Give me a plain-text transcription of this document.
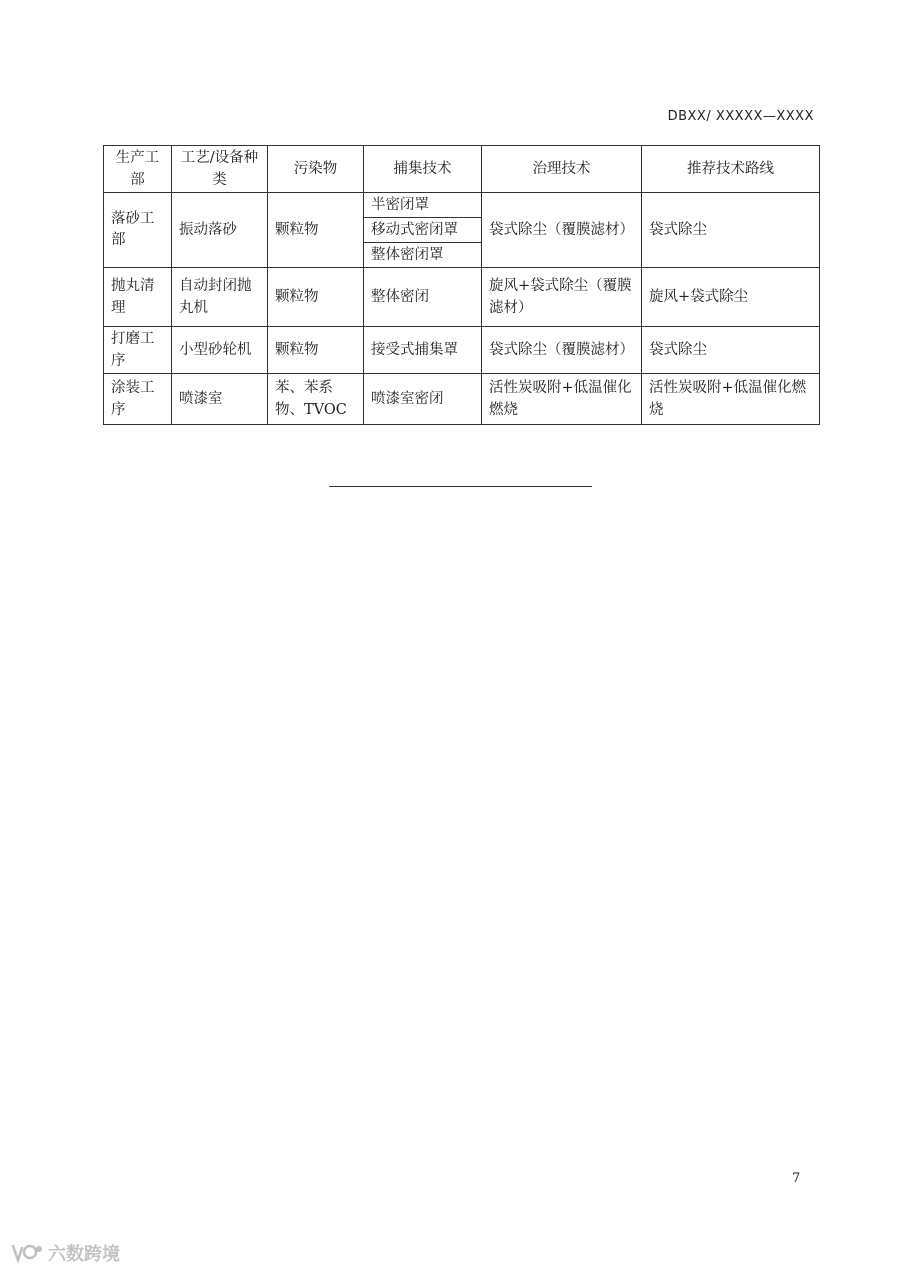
DBXX/ XXXXX—XXXX
生产工部	工艺/设备种类	污染物	捕集技术	治理技术	推荐技术路线
落砂工部	振动落砂	颗粒物	半密闭罩	袋式除尘（覆膜滤材）	袋式除尘
			移动式密闭罩		
			整体密闭罩		
抛丸清理	自动封闭抛丸机	颗粒物	整体密闭	旋风+袋式除尘（覆膜滤材）	旋风+袋式除尘
打磨工序	小型砂轮机	颗粒物	接受式捕集罩	袋式除尘（覆膜滤材）	袋式除尘
涂装工序	喷漆室	苯、苯系物、TVOC	喷漆室密闭	活性炭吸附+低温催化燃烧	活性炭吸附+低温催化燃烧
7
六数跨境
